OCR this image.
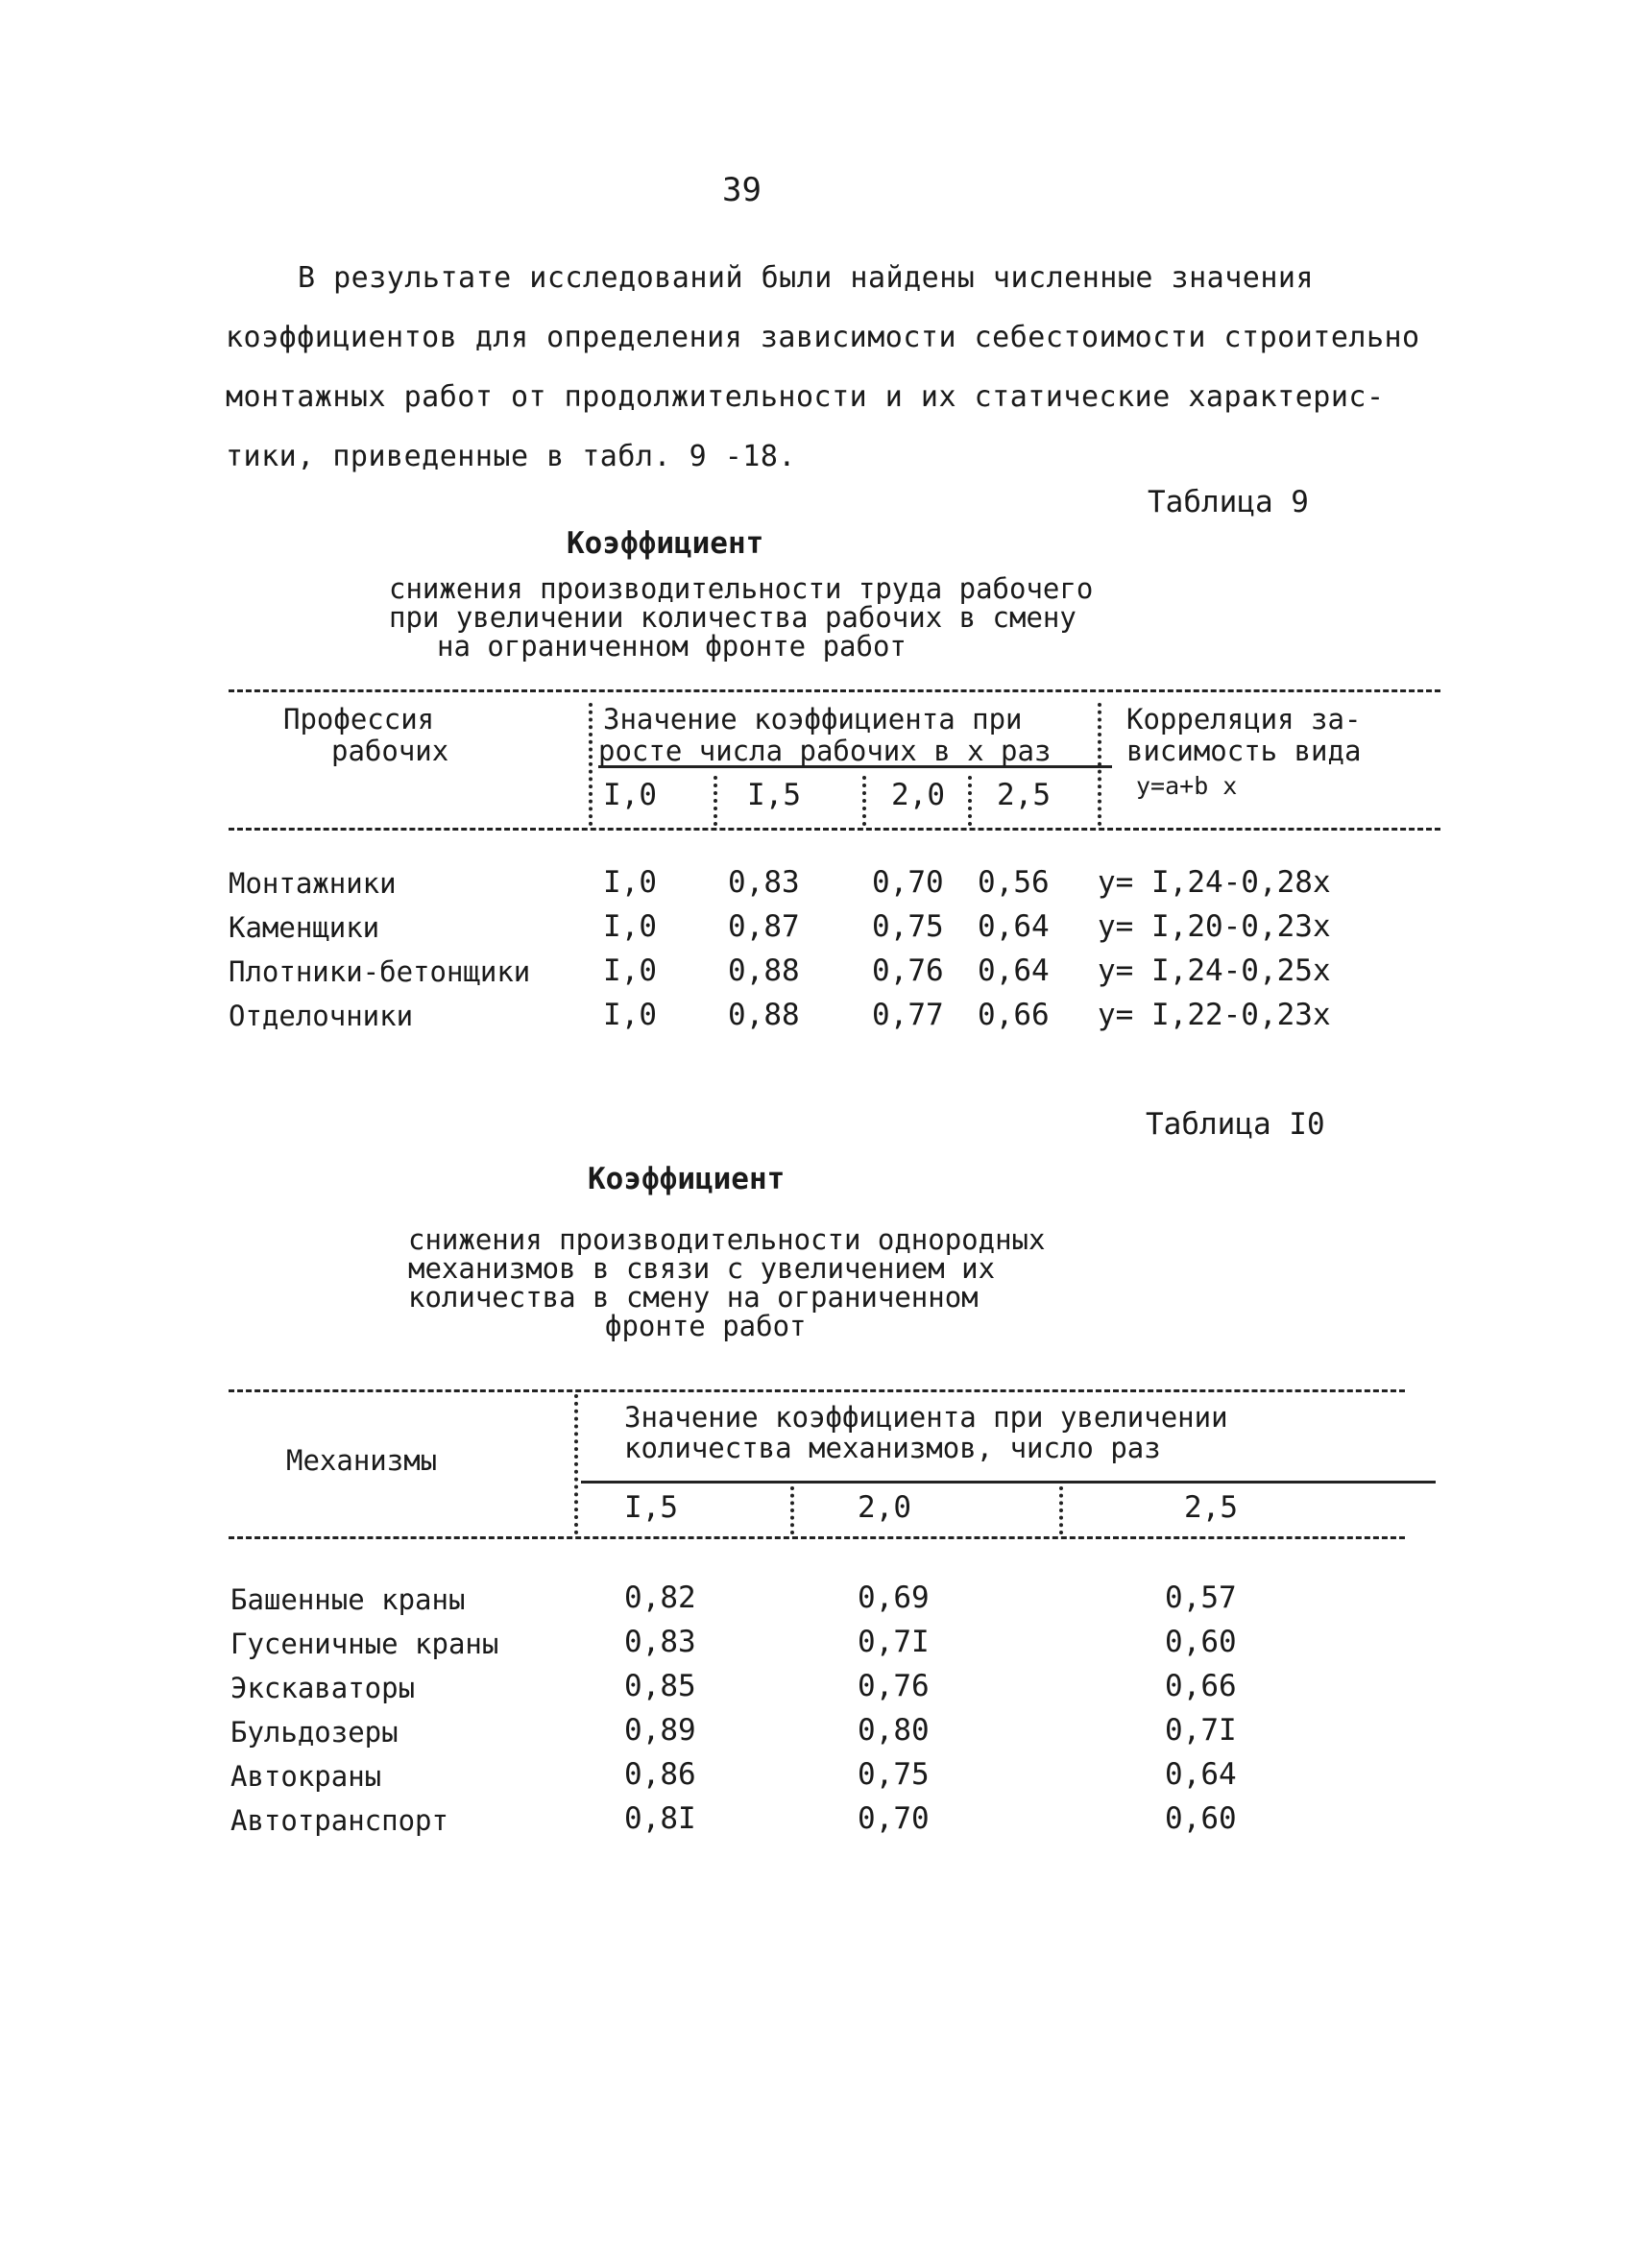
39
В результате исследований были найдены численные значения
коэффициентов для определения зависимости себестоимости строительно
монтажных работ от продолжительности и их статические характерис-
тики, приведенные в табл. 9 -18.
Таблица 9
Коэффициент
снижения производительности труда рабочего
при увеличении количества рабочих в смену
на ограниченном фронте работ
Профессия
рабочих
Значение коэффициента при
росте числа рабочих в х раз
Корреляция за-
висимость вида
y=a+b x
I,0	I,5	2,0 2,5
Монтажники	I,0 0,83 0,70 0,56 y= I,24-0,28x
Каменщики	I,0 0,87 0,75 0,64 y= I,20-0,23x
Плотники-бетонщики I,0 0,88 0,76 0,64 y= I,24-0,25x
Отделочники	I,0 0,88 0,77 0,66 y= I,22-0,23x
Таблица I0
Коэффициент
снижения производительности однородных
механизмов в связи с увеличением их
количества в смену на ограниченном
фронте работ
Механизмы
Значение коэффициента при увеличении
количества механизмов, число раз
I,5	2,0	2,5
Башенные краны	0,82	0,69	0,57
Гусеничные краны	0,83	0,7I	0,60
Экскаваторы	0,85	0,76	0,66
Бульдозеры	0,89	0,80	0,7I
Автокраны	0,86	0,75	0,64
Автотранспорт	0,8I	0,70	0,60
